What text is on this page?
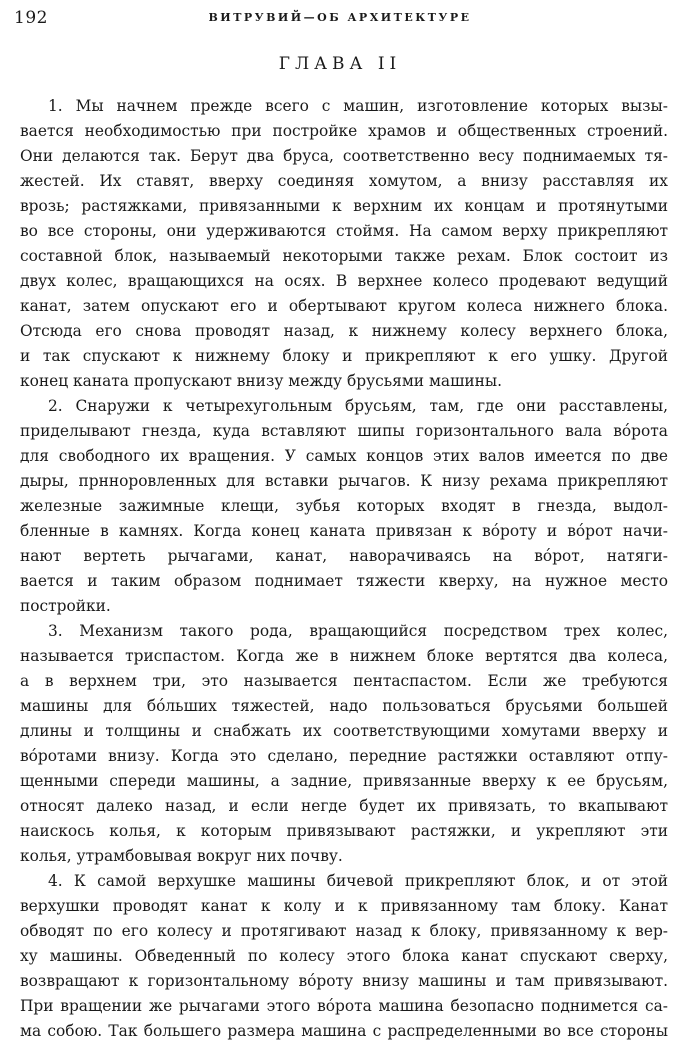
192	ВИТРУВИЙ—ОБ АРХИТЕКТУРЕ
ГЛАВА II
1. Мы начнем прежде всего с машин, изготовление которых вызы-
вается необходимостью при постройке храмов и общественных строений.
Они делаются так. Берут два бруса, соответственно весу поднимаемых тя-
жестей. Их ставят, вверху соединяя хомутом, а внизу расставляя их
врозь; растяжками, привязанными к верхним их концам и протянутыми
во все стороны, они удерживаются стоймя. На самом верху прикрепляют
составной блок, называемый некоторыми также рехам. Блок состоит из
двух колес, вращающихся на осях. В верхнее колесо продевают ведущий
канат, затем опускают его и обертывают кругом колеса нижнего блока.
Отсюда его снова проводят назад, к нижнему колесу верхнего блока,
и так спускают к нижнему блоку и прикрепляют к его ушку. Другой
конец каната пропускают внизу между брусьями машины.
2. Снаружи к четырехугольным брусьям, там, где они расставлены,
приделывают гнезда, куда вставляют шипы горизонтального вала вóрота
для свободного их вращения. У самых концов этих валов имеется по две
дыры, прнноровленных для вставки рычагов. К низу рехама прикрепляют
железные зажимные клещи, зубья которых входят в гнезда, выдол-
бленные в камнях. Когда конец каната привязан к вóроту и вóрот начи-
нают вертеть рычагами, канат, наворачиваясь на вóрот, натяги-
вается и таким образом поднимает тяжести кверху, на нужное место
постройки.
3. Механизм такого рода, вращающийся посредством трех колес,
называется триспастом. Когда же в нижнем блоке вертятся два колеса,
а в верхнем три, это называется пентаспастом. Если же требуются
машины для бóльших тяжестей, надо пользоваться брусьями большей
длины и толщины и снабжать их соответствующими хомутами вверху и
вóротами внизу. Когда это сделано, передние растяжки оставляют отпу-
щенными спереди машины, а задние, привязанные вверху к ее брусьям,
относят далеко назад, и если негде будет их привязать, то вкапывают
наискось колья, к которым привязывают растяжки, и укрепляют эти
колья, утрамбовывая вокруг них почву.
4. К самой верхушке машины бичевой прикрепляют блок, и от этой
верхушки проводят канат к колу и к привязанному там блоку. Канат
обводят по его колесу и протягивают назад к блоку, привязанному к вер-
ху машины. Обведенный по колесу этого блока канат спускают сверху,
возвращают к горизонтальному вóроту внизу машины и там привязывают.
При вращении же рычагами этого вóрота машина безопасно поднимется са-
ма собою. Так большего размера машина с распределенными во все стороны
